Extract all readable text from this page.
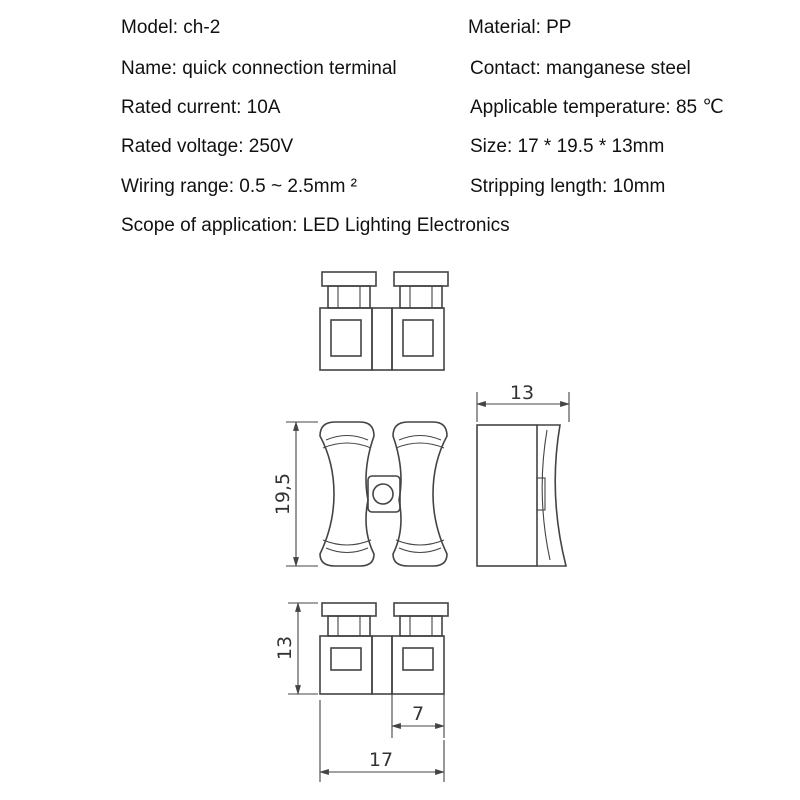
Model: ch-2
Name: quick connection terminal
Rated current: 10A
Rated voltage: 250V
Wiring range: 0.5 ~ 2.5mm ²
Scope of application: LED Lighting Electronics
Material: PP
Contact: manganese steel
Applicable temperature: 85 ℃
Size: 17 * 19.5 * 13mm
Stripping length: 10mm
13
19,5
13
7
17
